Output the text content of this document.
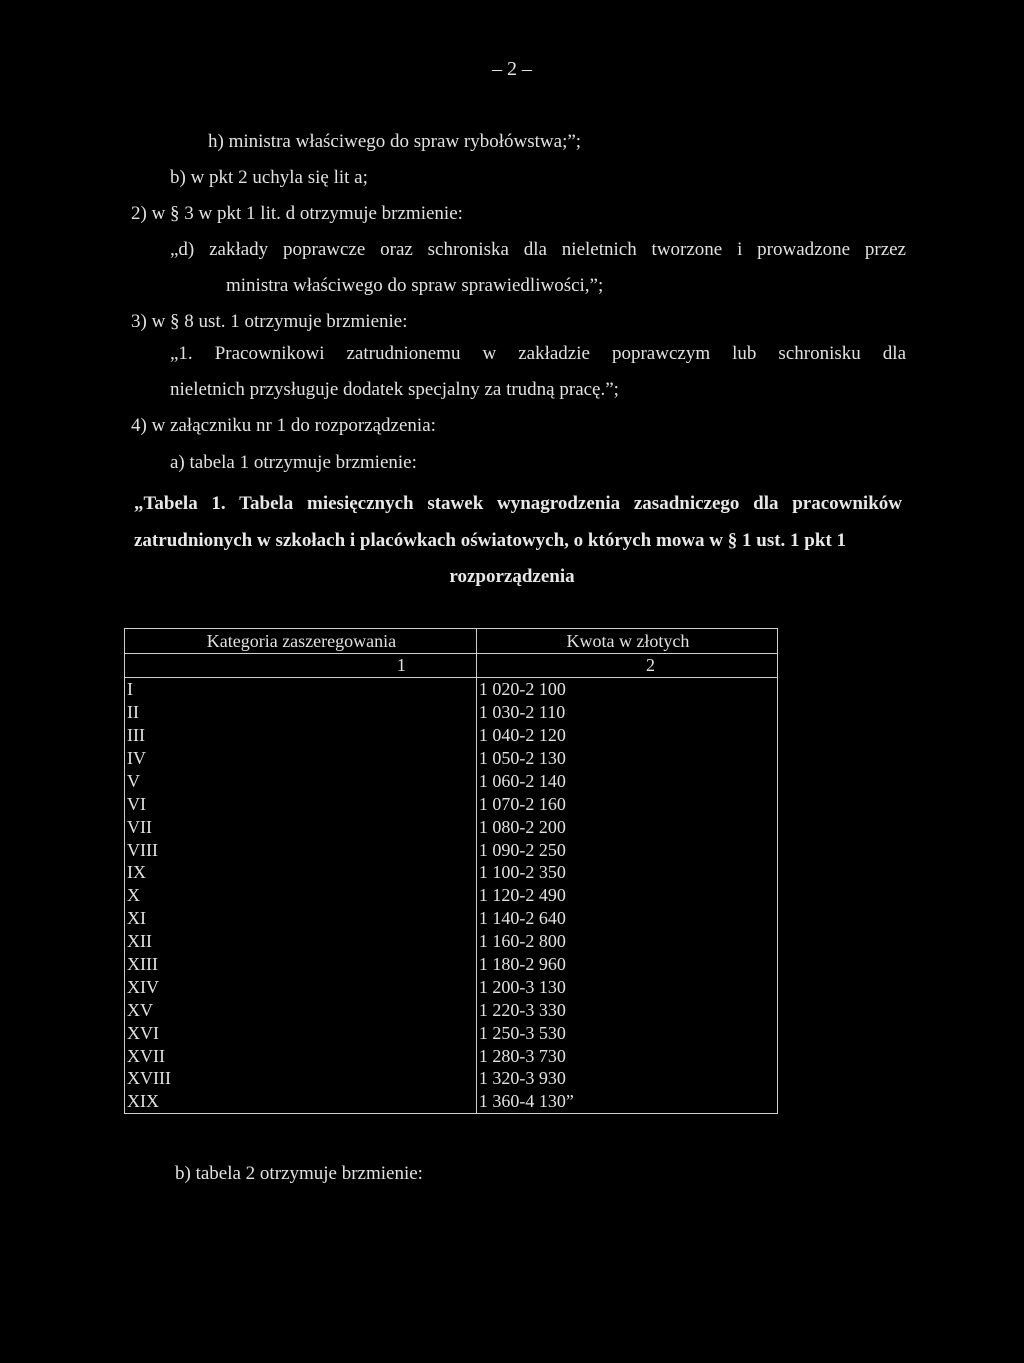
– 2 –
h) ministra właściwego do spraw rybołówstwa;”;
b) w pkt 2 uchyla się lit a;
2) w § 3 w pkt 1 lit. d otrzymuje brzmienie:
„d) zakłady poprawcze oraz schroniska dla nieletnich tworzone i prowadzone przez
ministra właściwego do spraw sprawiedliwości,”;
3) w § 8 ust. 1 otrzymuje brzmienie:
„1. Pracownikowi zatrudnionemu w zakładzie poprawczym lub schronisku dla
nieletnich przysługuje dodatek specjalny za trudną pracę.”;
4) w załączniku nr 1 do rozporządzenia:
a) tabela 1 otrzymuje brzmienie:
„Tabela 1. Tabela miesięcznych stawek wynagrodzenia zasadniczego dla pracowników
zatrudnionych w szkołach i placówkach oświatowych, o których mowa w § 1 ust. 1 pkt 1
rozporządzenia
Kategoria zaszeregowania	Kwota w złotych
1	2
I	1 020-2 100
II	1 030-2 110
III	1 040-2 120
IV	1 050-2 130
V	1 060-2 140
VI	1 070-2 160
VII	1 080-2 200
VIII	1 090-2 250
IX	1 100-2 350
X	1 120-2 490
XI	1 140-2 640
XII	1 160-2 800
XIII	1 180-2 960
XIV	1 200-3 130
XV	1 220-3 330
XVI	1 250-3 530
XVII	1 280-3 730
XVIII	1 320-3 930
XIX	1 360-4 130”
b) tabela 2 otrzymuje brzmienie:
